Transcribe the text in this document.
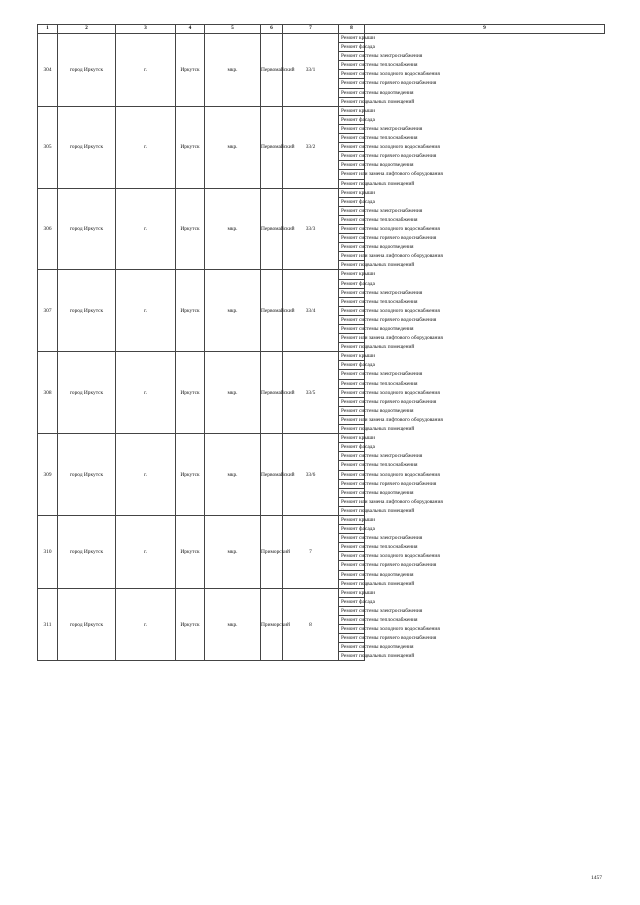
1	2	3	4	5	6	7	8	9
304	город Иркутск	г.	Иркутск	мкр.	Первомайский	33/1	Ремонт крыши	
							Ремонт фасада	
							Ремонт системы электроснабжения	
							Ремонт системы теплоснабжения	
							Ремонт системы холодного водоснабжения	
							Ремонт системы горячего водоснабжения	
							Ремонт системы водоотведения	
							Ремонт подвальных помещений	
305	город Иркутск	г.	Иркутск	мкр.	Первомайский	33/2	Ремонт крыши	
							Ремонт фасада	
							Ремонт системы электроснабжения	
							Ремонт системы теплоснабжения	
							Ремонт системы холодного водоснабжения	
							Ремонт системы горячего водоснабжения	
							Ремонт системы водоотведения	
							Ремонт или замена лифтового оборудования	
							Ремонт подвальных помещений	
306	город Иркутск	г.	Иркутск	мкр.	Первомайский	33/3	Ремонт крыши	
							Ремонт фасада	
							Ремонт системы электроснабжения	
							Ремонт системы теплоснабжения	
							Ремонт системы холодного водоснабжения	
							Ремонт системы горячего водоснабжения	
							Ремонт системы водоотведения	
							Ремонт или замена лифтового оборудования	
							Ремонт подвальных помещений	
307	город Иркутск	г.	Иркутск	мкр.	Первомайский	33/4	Ремонт крыши	
							Ремонт фасада	
							Ремонт системы электроснабжения	
							Ремонт системы теплоснабжения	
							Ремонт системы холодного водоснабжения	
							Ремонт системы горячего водоснабжения	
							Ремонт системы водоотведения	
							Ремонт или замена лифтового оборудования	
							Ремонт подвальных помещений	
308	город Иркутск	г.	Иркутск	мкр.	Первомайский	33/5	Ремонт крыши	
							Ремонт фасада	
							Ремонт системы электроснабжения	
							Ремонт системы теплоснабжения	
							Ремонт системы холодного водоснабжения	
							Ремонт системы горячего водоснабжения	
							Ремонт системы водоотведения	
							Ремонт или замена лифтового оборудования	
							Ремонт подвальных помещений	
309	город Иркутск	г.	Иркутск	мкр.	Первомайский	33/6	Ремонт крыши	
							Ремонт фасада	
							Ремонт системы электроснабжения	
							Ремонт системы теплоснабжения	
							Ремонт системы холодного водоснабжения	
							Ремонт системы горячего водоснабжения	
							Ремонт системы водоотведения	
							Ремонт или замена лифтового оборудования	
							Ремонт подвальных помещений	
310	город Иркутск	г.	Иркутск	мкр.	Приморский	7	Ремонт крыши	
							Ремонт фасада	
							Ремонт системы электроснабжения	
							Ремонт системы теплоснабжения	
							Ремонт системы холодного водоснабжения	
							Ремонт системы горячего водоснабжения	
							Ремонт системы водоотведения	
							Ремонт подвальных помещений	
311	город Иркутск	г.	Иркутск	мкр.	Приморский	8	Ремонт крыши	
							Ремонт фасада	
							Ремонт системы электроснабжения	
							Ремонт системы теплоснабжения	
							Ремонт системы холодного водоснабжения	
							Ремонт системы горячего водоснабжения	
							Ремонт системы водоотведения	
							Ремонт подвальных помещений	
1457
